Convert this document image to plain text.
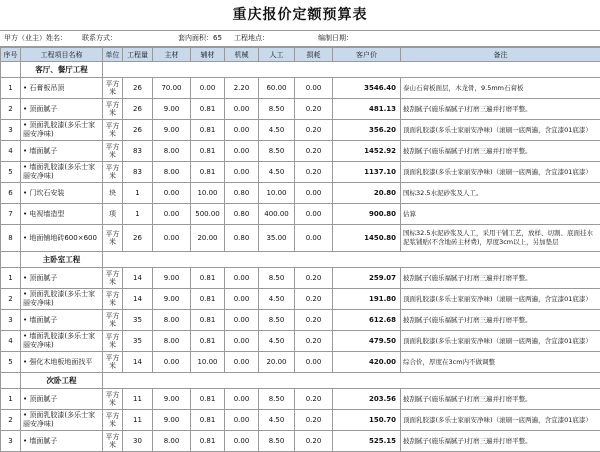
重庆报价定额预算表
甲方（业主）姓名： 联系方式：	套内面积：65 工程地点：	编制日期：
序号	工程项目名称	单位	工程量	主材	辅材	机械	人工	损耗	客户价	备注
	客厅、餐厅工程									
1	• 石膏板吊顶	平方米	26	70.00	0.00	2.20	60.00	0.00	3546.40	泰山石膏板面层，木龙骨，9.5mm石膏板
2	• 顶面腻子	平方米	26	9.00	0.81	0.00	8.50	0.20	481.13	披刮腻子(施乐福腻子)打磨三遍并打磨平整。
3	• 顶面乳胶漆(多乐士家丽安净味)	平方米	26	9.00	0.81	0.00	4.50	0.20	356.20	顶面乳胶漆(多乐士家丽安净味)（滚刷一底两遍，含宜漆01底漆）
4	• 墙面腻子	平方米	83	8.00	0.81	0.00	8.50	0.20	1452.92	披刮腻子(施乐福腻子)打磨三遍并打磨平整。
5	• 墙面乳胶漆(多乐士家丽安净味)	平方米	83	8.00	0.81	0.00	4.50	0.20	1137.10	顶面乳胶漆(多乐士家丽安净味)（滚刷一底两遍，含宜漆01底漆）
6	• 门坎石安装	块	1	0.00	10.00	0.80	10.00	0.00	20.80	国标32.5水泥砂浆及人工。
7	• 电视墙造型	项	1	0.00	500.00	0.80	400.00	0.00	900.80	估算
8	• 地面铺地砖600×600	平方米	26	0.00	20.00	0.80	35.00	0.00	1450.80	国标32.5水泥砂浆及人工，采用干铺工艺，放样、切割、底面挂水泥浆铺贴(不含地砖主材费)，厚度3cm以上，另加垫层
	主卧室工程									
1	• 顶面腻子	平方米	14	9.00	0.81	0.00	8.50	0.20	259.07	披刮腻子(施乐福腻子)打磨三遍并打磨平整。
2	• 顶面乳胶漆(多乐士家丽安净味)	平方米	14	9.00	0.81	0.00	4.50	0.20	191.80	顶面乳胶漆(多乐士家丽安净味)（滚刷一底两遍，含宜漆01底漆）
3	• 墙面腻子	平方米	35	8.00	0.81	0.00	8.50	0.20	612.68	披刮腻子(施乐福腻子)打磨三遍并打磨平整。
4	• 墙面乳胶漆(多乐士家丽安净味)	平方米	35	8.00	0.81	0.00	4.50	0.20	479.50	顶面乳胶漆(多乐士家丽安净味)（滚刷一底两遍，含宜漆01底漆）
5	• 强化木地板地面找平	平方米	14	0.00	10.00	0.00	20.00	0.00	420.00	综合价，厚度在3cm内不做调整
	次卧工程									
1	• 顶面腻子	平方米	11	9.00	0.81	0.00	8.50	0.20	203.56	披刮腻子(施乐福腻子)打磨三遍并打磨平整。
2	• 顶面乳胶漆(多乐士家丽安净味)	平方米	11	9.00	0.81	0.00	4.50	0.20	150.70	顶面乳胶漆(多乐士家丽安净味)（滚刷一底两遍，含宜漆01底漆）
3	• 墙面腻子	平方米	30	8.00	0.81	0.00	8.50	0.20	525.15	披刮腻子(施乐福腻子)打磨三遍并打磨平整。
